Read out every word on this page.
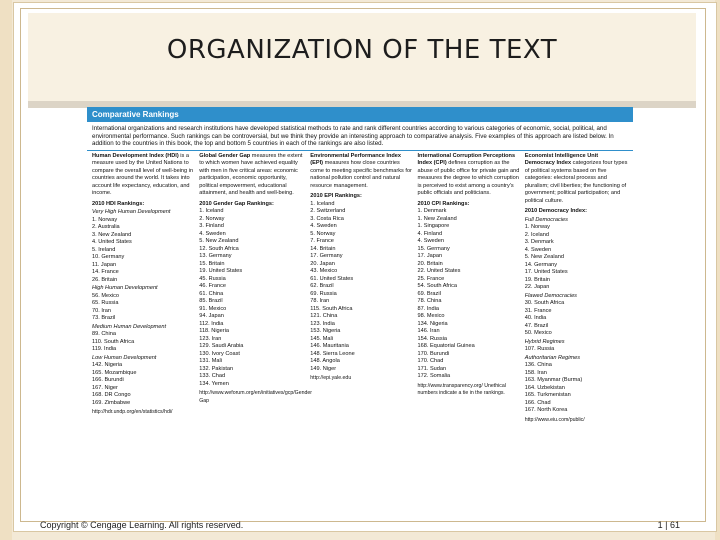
ORGANIZATION OF THE TEXT
Comparative Rankings
International organizations and research institutions have developed statistical methods to rate and rank different countries according to various categories of economic, social, political, and environmental performance. Such rankings can be controversial, but we think they provide an interesting approach to comparative analysis. Five examples of this approach are listed below. In addition to the countries in this book, the top and bottom 5 countries in each of the rankings are also listed.
Human Development Index (HDI) is a measure used by the United Nations to compare the overall level of well-being in countries around the world. It takes into account life expectancy, education, and income.
2010 HDI Rankings:
Very High Human Development
1. Norway
2. Australia
3. New Zealand
4. United States
5. Ireland
10. Germany
11. Japan
14. France
26. Britain
High Human Development
56. Mexico
65. Russia
70. Iran
73. Brazil
Medium Human Development
89. China
110. South Africa
119. India
Low Human Development
142. Nigeria
165. Mozambique
166. Burundi
167. Niger
168. DR Congo
169. Zimbabwe
http://hdr.undp.org/en/statistics/hdi/
Global Gender Gap measures the extent to which women have achieved equality with men in five critical areas: economic participation, economic opportunity, political empowerment, educational attainment, and health and well-being.
2010 Gender Gap Rankings:
1. Iceland
2. Norway
3. Finland
4. Sweden
5. New Zealand
12. South Africa
13. Germany
15. Britain
19. United States
45. Russia
46. France
61. China
85. Brazil
91. Mexico
94. Japan
112. India
118. Nigeria
123. Iran
129. Saudi Arabia
130. Ivory Coast
131. Mali
132. Pakistan
133. Chad
134. Yemen
http://www.weforum.org/en/initiatives/gcp/Gender Gap
Environmental Performance Index (EPI) measures how close countries come to meeting specific benchmarks for national pollution control and natural resource management.
2010 EPI Rankings:
1. Iceland
2. Switzerland
3. Costa Rica
4. Sweden
5. Norway
7. France
14. Britain
17. Germany
20. Japan
43. Mexico
61. United States
62. Brazil
69. Russia
78. Iran
115. South Africa
121. China
123. India
153. Nigeria
145. Mali
146. Mauritania
148. Sierra Leone
148. Angola
149. Niger
http://epi.yale.edu
International Corruption Perceptions Index (CPI) defines corruption as the abuse of public office for private gain and measures the degree to which corruption is perceived to exist among a country's public officials and politicians.
2010 CPI Rankings:
1. Denmark
1. New Zealand
1. Singapore
4. Finland
4. Sweden
15. Germany
17. Japan
20. Britain
22. United States
25. France
54. South Africa
69. Brazil
78. China
87. India
98. Mexico
134. Nigeria
146. Iran
154. Russia
168. Equatorial Guinea
170. Burundi
170. Chad
171. Sudan
172. Somalia
http://www.transparency.org/ Unethical numbers indicate a tie in the rankings.
Economist Intelligence Unit Democracy Index categorizes four types of political systems based on five categories: electoral process and pluralism; civil liberties; the functioning of government; political participation; and political culture.
2010 Democracy Index:
Full Democracies
1. Norway
2. Iceland
3. Denmark
4. Sweden
5. New Zealand
14. Germany
17. United States
19. Britain
22. Japan
Flawed Democracies
30. South Africa
31. France
40. India
47. Brazil
50. Mexico
Hybrid Regimes
107. Russia
Authoritarian Regimes
136. China
158. Iran
163. Myanmar (Burma)
164. Uzbekistan
165. Turkmenistan
166. Chad
167. North Korea
http://www.eiu.com/public/
Copyright © Cengage Learning. All rights reserved.	1 | 61
